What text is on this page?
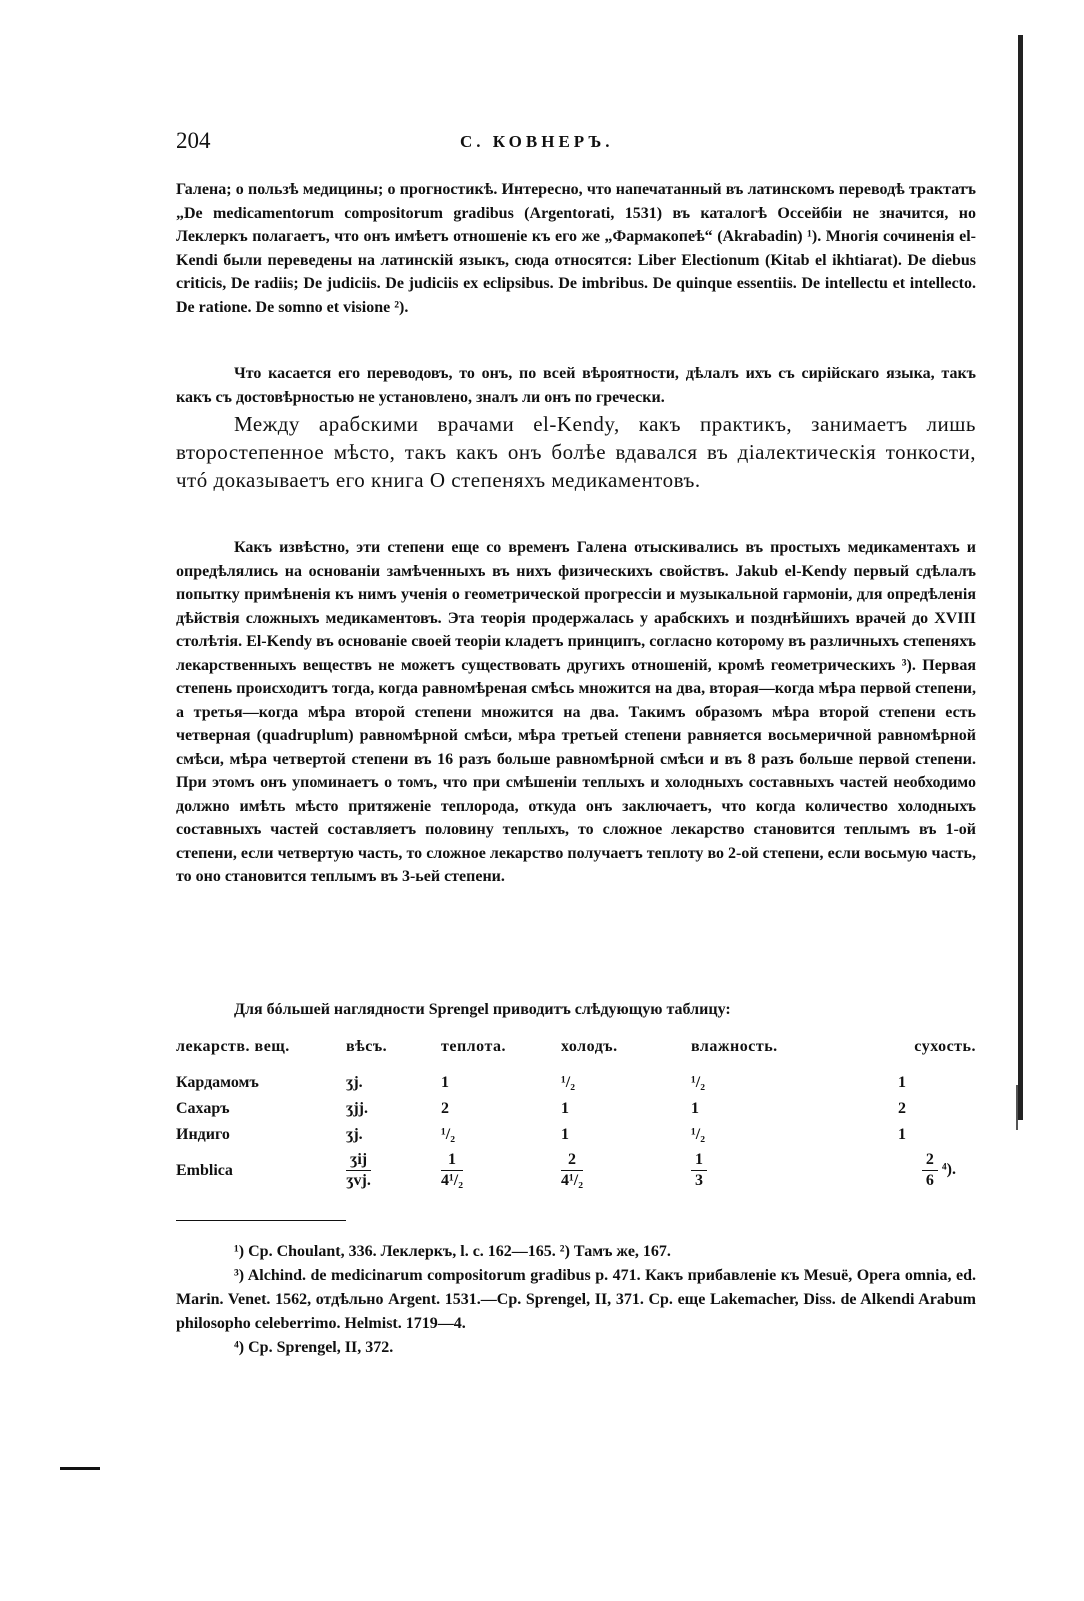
204	С. КОВНЕРЪ.

Галена; о пользѣ медицины; о прогностикѣ. Интересно, что напечатанный въ латинскомъ переводѣ трактатъ „De medicamentorum compositorum gradibus (Argentorati, 1531) въ каталогѣ Оссейбіи не значится, но Леклеркъ полагаетъ, что онъ имѣетъ отношеніе къ его же „Фармакопеѣ“ (Akrabadin) ¹). Многія сочиненія el-Kendi были переведены на латинскій языкъ, сюда относятся: Liber Electionum (Kitab el ikhtiarat). De diebus criticis, De radiis; De judiciis. De judiciis ex eclipsibus. De imbribus. De quinque essentiis. De intellectu et intellecto. De ratione. De somno et visione ²).

Что касается его переводовъ, то онъ, по всей вѣроятности, дѣлалъ ихъ съ сирійскаго языка, такъ какъ съ достовѣрностью не установлено, зналъ ли онъ по гречески.

Между арабскими врачами el-Kendy, какъ практикъ, занимаетъ лишь второстепенное мѣсто, такъ какъ онъ болѣе вдавался въ діалектическія тонкости, чтó доказываетъ его книга О степеняхъ медикаментовъ.

Какъ извѣстно, эти степени еще со временъ Галена отыскивались въ простыхъ медикаментахъ и опредѣлялись на основаніи замѣченныхъ въ нихъ физическихъ свойствъ. Jakub el-Kendy первый сдѣлалъ попытку примѣненія къ нимъ ученія о геометрической прогрессіи и музыкальной гармоніи, для опредѣленія дѣйствія сложныхъ медикаментовъ. Эта теорія продержалась у арабскихъ и позднѣйшихъ врачей до XVIII столѣтія. El-Kendy въ основаніе своей теоріи кладетъ принципъ, согласно которому въ различныхъ степеняхъ лекарственныхъ веществъ не можетъ существовать другихъ отношеній, кромѣ геометрическихъ ³). Первая степень происходитъ тогда, когда равномѣреная смѣсь множится на два, вторая—когда мѣра первой степени, а третья—когда мѣра второй степени множится на два. Такимъ образомъ мѣра второй степени есть четверная (quadruplum) равномѣрной смѣси, мѣра третьей степени равняется восьмеричной равномѣрной смѣси, мѣра четвертой степени въ 16 разъ больше равномѣрной смѣси и въ 8 разъ больше первой степени. При этомъ онъ упоминаетъ о томъ, что при смѣшеніи теплыхъ и холодныхъ составныхъ частей необходимо должно имѣть мѣсто притяженіе теплорода, откуда онъ заключаетъ, что когда количество холодныхъ составныхъ частей составляетъ половину теплыхъ, то сложное лекарство становится теплымъ въ 1-ой степени, если четвертую часть, то сложное лекарство получаетъ теплоту во 2-ой степени, если восьмую часть, то оно становится теплымъ въ 3-ьей степени.

Для бóльшей наглядности Sprengel приводитъ слѣдующую таблицу:

лекарств. вещ.	вѣсъ.	теплота.	холодъ.	влажность.	сухость.
Кардамомъ	ʒj.	1	¹/₂	¹/₂	1
Сахаръ	ʒjj.	2	1	1	2
Индиго	ʒj.	¹/₂	1	¹/₂	1
Emblica	$\frac{\text{ʒij}}{\text{ʒvj.}}$	$\frac{1}{\text{4¹/₂}}$	$\frac{2}{\text{4¹/₂}}$	$\frac{1}{3}$	$\frac{2}{6} ^4$).

¹) Ср. Choulant, 336. Леклеркъ, l. c. 162—165. ²) Тамъ же, 167.

³) Alchind. de medicinarum compositorum gradibus p. 471. Какъ прибавленіе къ Mesuë, Opera omnia, ed. Marin. Venet. 1562, отдѣльно Argent. 1531.—Ср. Sprengel, II, 371. Ср. еще Lakemacher, Diss. de Alkendi Arabum philosopho celeberrimo. Helmist. 1719—4.

⁴) Ср. Sprengel, II, 372.
